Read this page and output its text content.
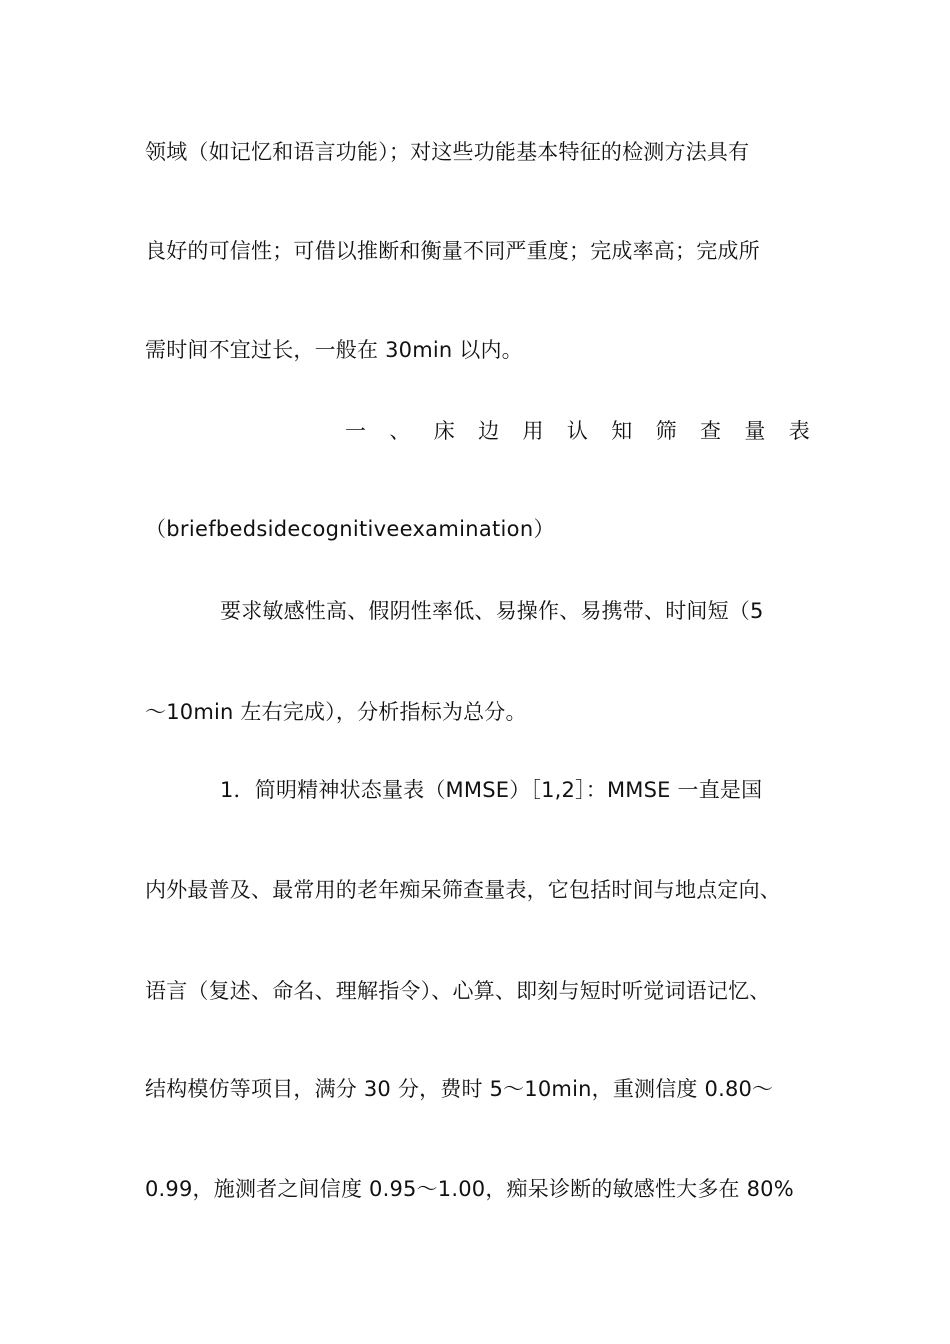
领域（如记忆和语言功能）；对这些功能基本特征的检测方法具有
良好的可信性；可借以推断和衡量不同严重度；完成率高；完成所
需时间不宜过长，一般在 30min 以内。
一 、 床 边 用 认 知 筛 查 量 表
（briefbedsidecognitiveexamination）
要求敏感性高、假阴性率低、易操作、易携带、时间短（5
～10min 左右完成），分析指标为总分。
1．简明精神状态量表（MMSE）［1,2］：MMSE 一直是国
内外最普及、最常用的老年痴呆筛查量表，它包括时间与地点定向、
语言（复述、命名、理解指令）、心算、即刻与短时听觉词语记忆、
结构模仿等项目，满分 30 分，费时 5～10min，重测信度 0.80～
0.99，施测者之间信度 0.95～1.00，痴呆诊断的敏感性大多在 80%
